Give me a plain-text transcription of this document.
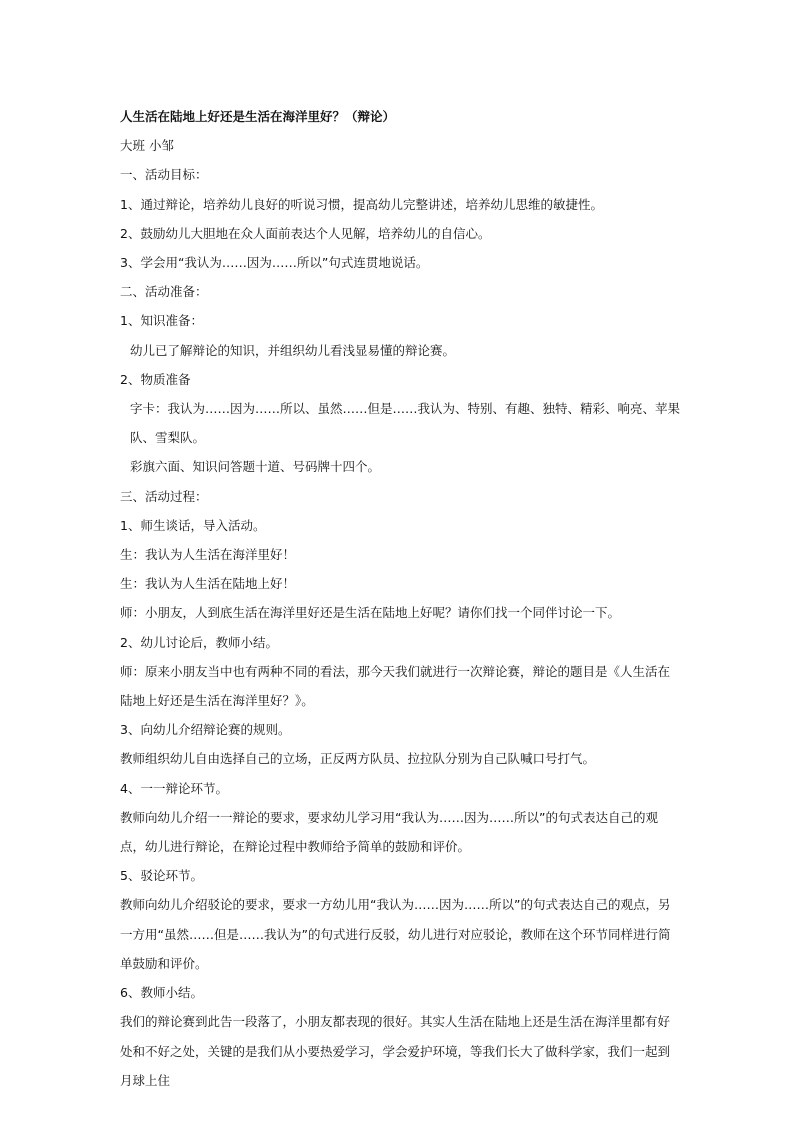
人生活在陆地上好还是生活在海洋里好？（辩论）

大班 小邹

一、活动目标：

1、通过辩论，培养幼儿良好的听说习惯，提高幼儿完整讲述，培养幼儿思维的敏捷性。

2、鼓励幼儿大胆地在众人面前表达个人见解，培养幼儿的自信心。

3、学会用“我认为……因为……所以”句式连贯地说话。

二、活动准备：

1、知识准备：

幼儿已了解辩论的知识，并组织幼儿看浅显易懂的辩论赛。

2、物质准备

字卡：我认为……因为……所以、虽然……但是……我认为、特别、有趣、独特、精彩、响亮、苹果队、雪梨队。

彩旗六面、知识问答题十道、号码牌十四个。

三、活动过程：

1、师生谈话，导入活动。

生：我认为人生活在海洋里好！

生：我认为人生活在陆地上好！

师：小朋友，人到底生活在海洋里好还是生活在陆地上好呢？请你们找一个同伴讨论一下。

2、幼儿讨论后，教师小结。

师：原来小朋友当中也有两种不同的看法，那今天我们就进行一次辩论赛，辩论的题目是《人生活在陆地上好还是生活在海洋里好？》。

3、向幼儿介绍辩论赛的规则。

教师组织幼儿自由选择自己的立场，正反两方队员、拉拉队分别为自己队喊口号打气。

4、一一辩论环节。

教师向幼儿介绍一一辩论的要求，要求幼儿学习用“我认为……因为……所以”的句式表达自己的观点，幼儿进行辩论，在辩论过程中教师给予简单的鼓励和评价。

5、驳论环节。

教师向幼儿介绍驳论的要求，要求一方幼儿用“我认为……因为……所以”的句式表达自己的观点，另一方用“虽然……但是……我认为”的句式进行反驳，幼儿进行对应驳论，教师在这个环节同样进行简单鼓励和评价。

6、教师小结。

我们的辩论赛到此告一段落了，小朋友都表现的很好。其实人生活在陆地上还是生活在海洋里都有好处和不好之处，关键的是我们从小要热爱学习，学会爱护环境，等我们长大了做科学家，我们一起到月球上住
